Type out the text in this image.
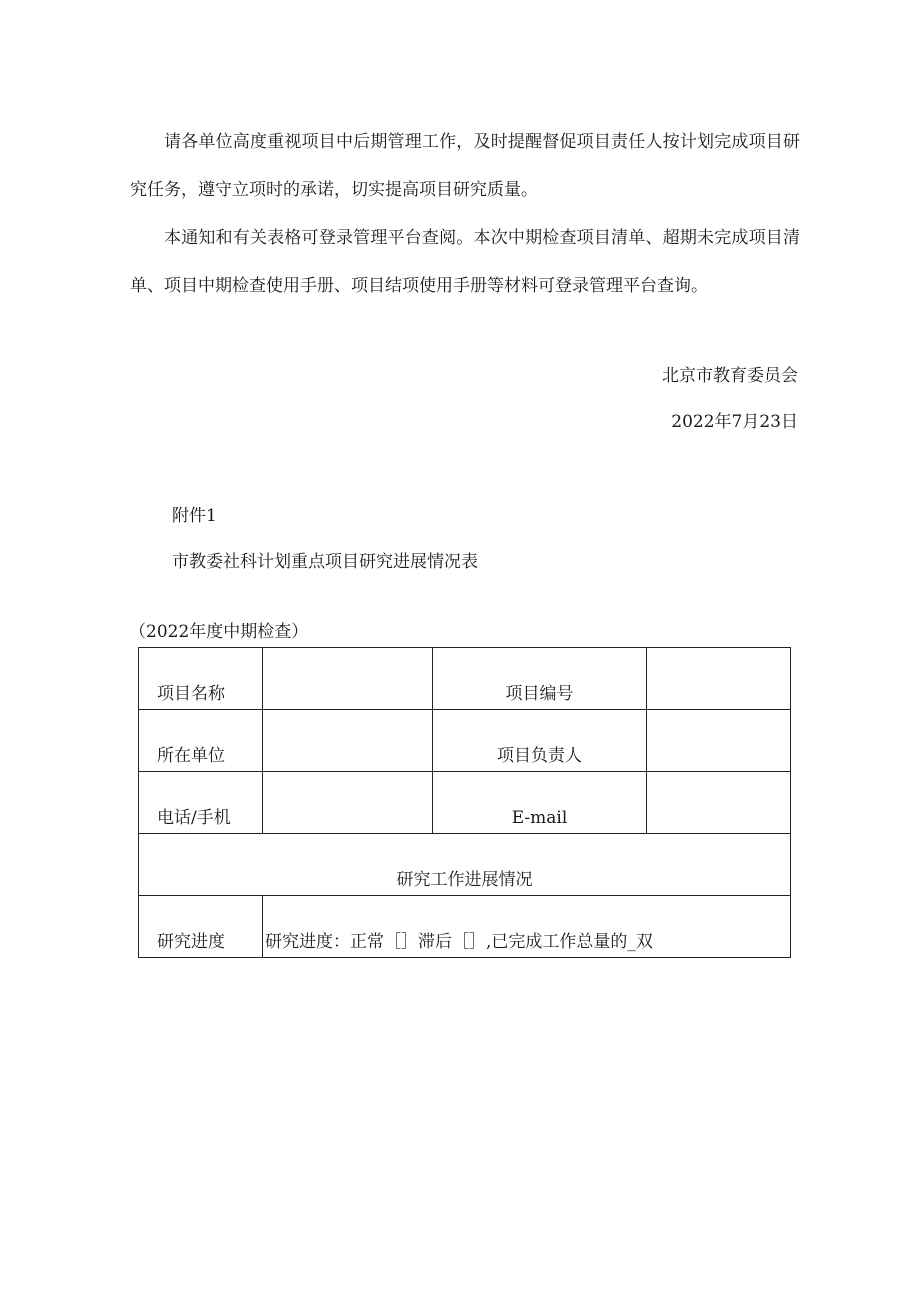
请各单位高度重视项目中后期管理工作，及时提醒督促项目责任人按计划完成项目研究任务，遵守立项时的承诺，切实提高项目研究质量。

本通知和有关表格可登录管理平台查阅。本次中期检查项目清单、超期未完成项目清单、项目中期检查使用手册、项目结项使用手册等材料可登录管理平台查询。

北京市教育委员会
2022年7月23日
附件1
市教委社科计划重点项目研究进展情况表
（2022年度中期检查）
项目名称		项目编号	
所在单位		项目负责人	
电话/手机		E-mail	
研究工作进展情况			
研究进度	研究进度：正常［］滞后［］,已完成工作总量的_双		
